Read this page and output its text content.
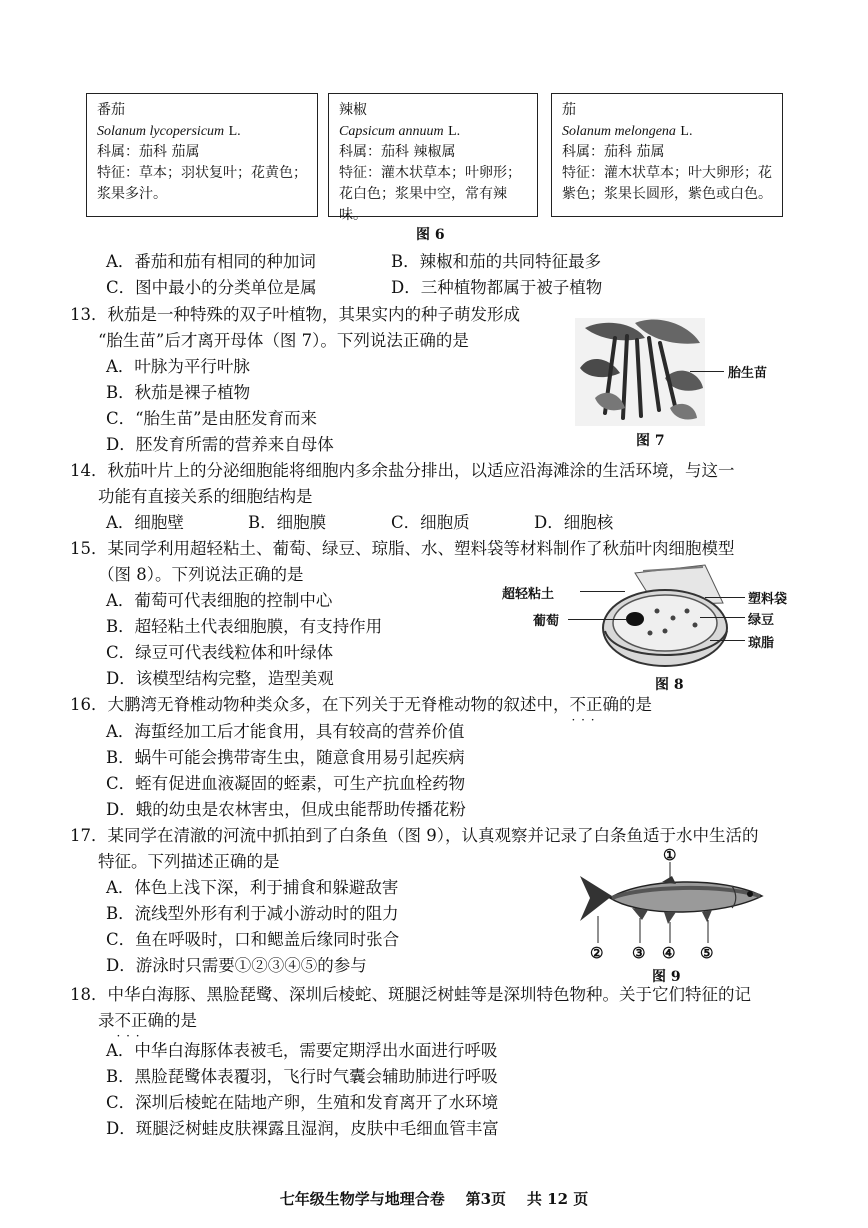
番茄
Solanum lycopersicum L.
科属：茄科 茄属
特征：草本；羽状复叶；花黄色；浆果多汁。
辣椒
Capsicum annuum L.
科属：茄科 辣椒属
特征：灌木状草本；叶卵形；花白色；浆果中空，常有辣味。
茄
Solanum melongena L.
科属：茄科 茄属
特征：灌木状草本；叶大卵形；花紫色；浆果长圆形，紫色或白色。
图 6
A．番茄和茄有相同的种加词	B．辣椒和茄的共同特征最多
C．图中最小的分类单位是属	D．三种植物都属于被子植物
13．秋茄是一种特殊的双子叶植物，其果实内的种子萌发形成
“胎生苗”后才离开母体（图 7）。下列说法正确的是
A．叶脉为平行叶脉
B．秋茄是裸子植物
C．“胎生苗”是由胚发育而来
D．胚发育所需的营养来自母体
胎生苗
图 7
14．秋茄叶片上的分泌细胞能将细胞内多余盐分排出，以适应沿海滩涂的生活环境，与这一
功能有直接关系的细胞结构是
A．细胞壁	B．细胞膜	C．细胞质	D．细胞核
15．某同学利用超轻粘土、葡萄、绿豆、琼脂、水、塑料袋等材料制作了秋茄叶肉细胞模型
（图 8）。下列说法正确的是
A．葡萄可代表细胞的控制中心
B．超轻粘土代表细胞膜，有支持作用
C．绿豆可代表线粒体和叶绿体
D．该模型结构完整，造型美观
超轻粘土
葡萄
塑料袋
绿豆
琼脂
图 8
16．大鹏湾无脊椎动物种类众多，在下列关于无脊椎动物的叙述中，不正确 · · ·的是
A．海蜇经加工后才能食用，具有较高的营养价值
B．蜗牛可能会携带寄生虫，随意食用易引起疾病
C．蛭有促进血液凝固的蛭素，可生产抗血栓药物
D．蛾的幼虫是农林害虫，但成虫能帮助传播花粉
17．某同学在清澈的河流中抓拍到了白条鱼（图 9），认真观察并记录了白条鱼适于水中生活的
特征。下列描述正确的是
A．体色上浅下深，利于捕食和躲避敌害
B．流线型外形有利于减小游动时的阻力
C．鱼在呼吸时，口和鳃盖后缘同时张合
D．游泳时只需要①②③④⑤的参与
①
② ③ ④ ⑤
图 9
18．中华白海豚、黑脸琵鹭、深圳后棱蛇、斑腿泛树蛙等是深圳特色物种。关于它们特征的记
录不正确 · · ·的是
A．中华白海豚体表被毛，需要定期浮出水面进行呼吸
B．黑脸琵鹭体表覆羽，飞行时气囊会辅助肺进行呼吸
C．深圳后棱蛇在陆地产卵，生殖和发育离开了水环境
D．斑腿泛树蛙皮肤裸露且湿润，皮肤中毛细血管丰富
七年级生物学与地理合卷    第3页    共 12 页
